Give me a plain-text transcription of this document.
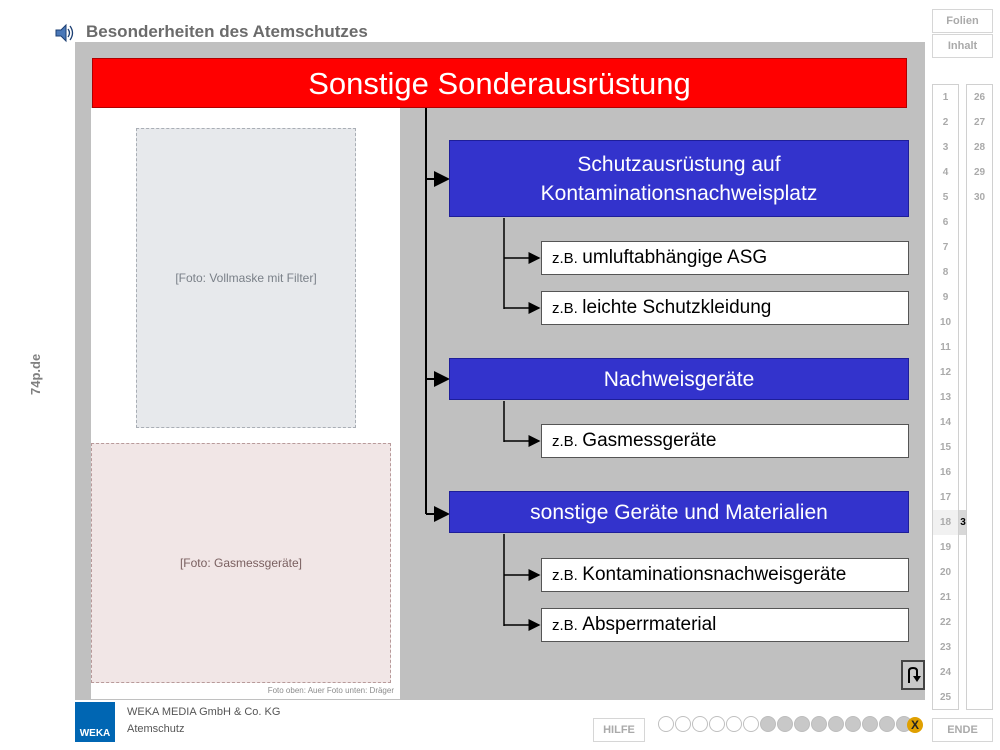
Besonderheiten des Atemschutzes
74p.de
Sonstige Sonderausrüstung
[Foto: Vollmaske mit Filter]
[Foto: Gasmessgeräte]
Foto oben: Auer Foto unten: Dräger
Schutzausrüstung auf
Kontaminationsnachweisplatz
z.B. umluftabhängige ASG
z.B. leichte Schutzkleidung
Nachweisgeräte
z.B. Gasmessgeräte
sonstige Geräte und Materialien
z.B. Kontaminationsnachweisgeräte
z.B. Absperrmaterial
Folien
Inhalt
1
2
3
4
5
6
7
8
9
10
11
12
13
14
15
16
17
18 3
19
20
21
22
23
24
25
26
27
28
29
30
WEKA
WEKA MEDIA GmbH & Co. KG
Atemschutz	HILFE	X	ENDE
